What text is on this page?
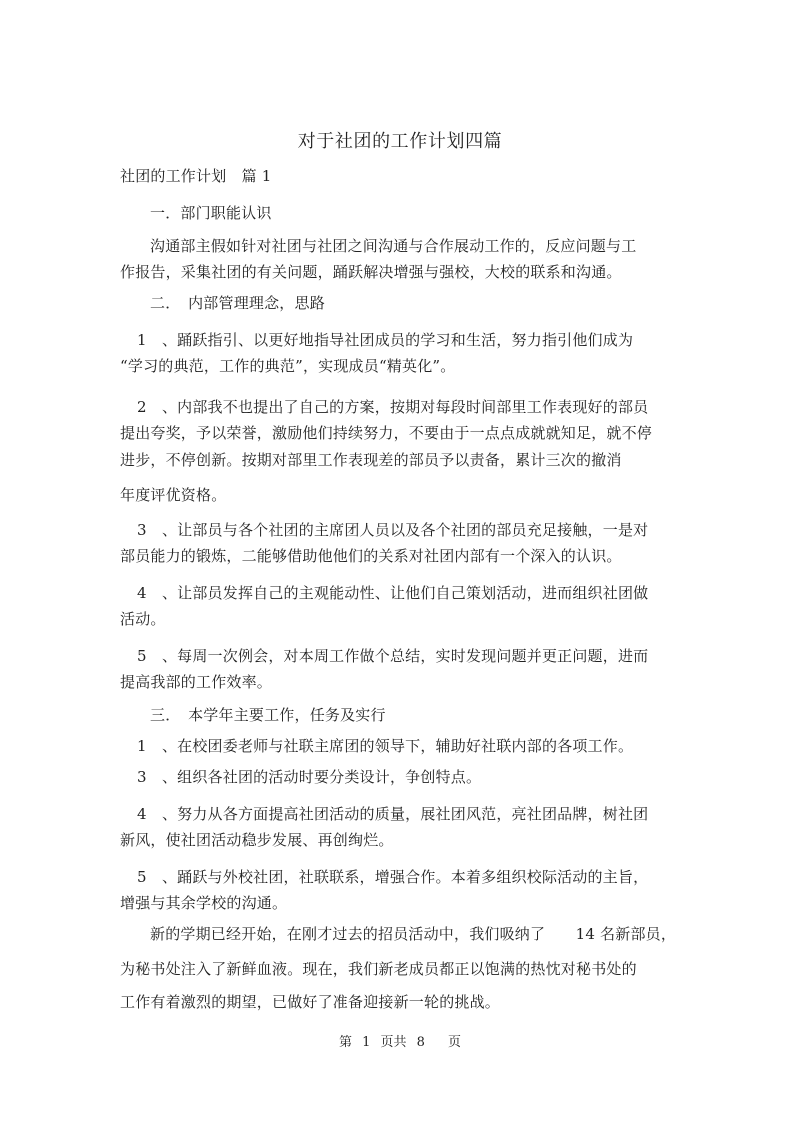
对于社团的工作计划四篇
社团的工作计划　篇 1
一．部门职能认识
沟通部主假如针对社团与社团之间沟通与合作展动工作的，反应问题与工
作报告，采集社团的有关问题，踊跃解决增强与强校，大校的联系和沟通。
二．　内部管理理念，思路
1　、踊跃指引、以更好地指导社团成员的学习和生活，努力指引他们成为
“学习的典范，工作的典范”，实现成员“精英化”。
2　、内部我不也提出了自己的方案，按期对每段时间部里工作表现好的部员
提出夸奖，予以荣誉，激励他们持续努力，不要由于一点点成就就知足，就不停
进步，不停创新。按期对部里工作表现差的部员予以责备，累计三次的撤消
年度评优资格。
3　、让部员与各个社团的主席团人员以及各个社团的部员充足接触，一是对
部员能力的锻炼，二能够借助他他们的关系对社团内部有一个深入的认识。
4　、让部员发挥自己的主观能动性、让他们自己策划活动，进而组织社团做
活动。
5　、每周一次例会，对本周工作做个总结，实时发现问题并更正问题，进而
提高我部的工作效率。
三．　本学年主要工作，任务及实行
1　、在校团委老师与社联主席团的领导下，辅助好社联内部的各项工作。
3　、组织各社团的活动时要分类设计，争创特点。
4　、努力从各方面提高社团活动的质量，展社团风范，亮社团品牌，树社团
新风，使社团活动稳步发展、再创绚烂。
5　、踊跃与外校社团，社联联系，增强合作。本着多组织校际活动的主旨，
增强与其余学校的沟通。
新的学期已经开始，在刚才过去的招员活动中，我们吸纳了　　14 名新部员，
为秘书处注入了新鲜血液。现在，我们新老成员都正以饱满的热忱对秘书处的
工作有着激烈的期望，已做好了准备迎接新一轮的挑战。
第 1 页共 8 　页
